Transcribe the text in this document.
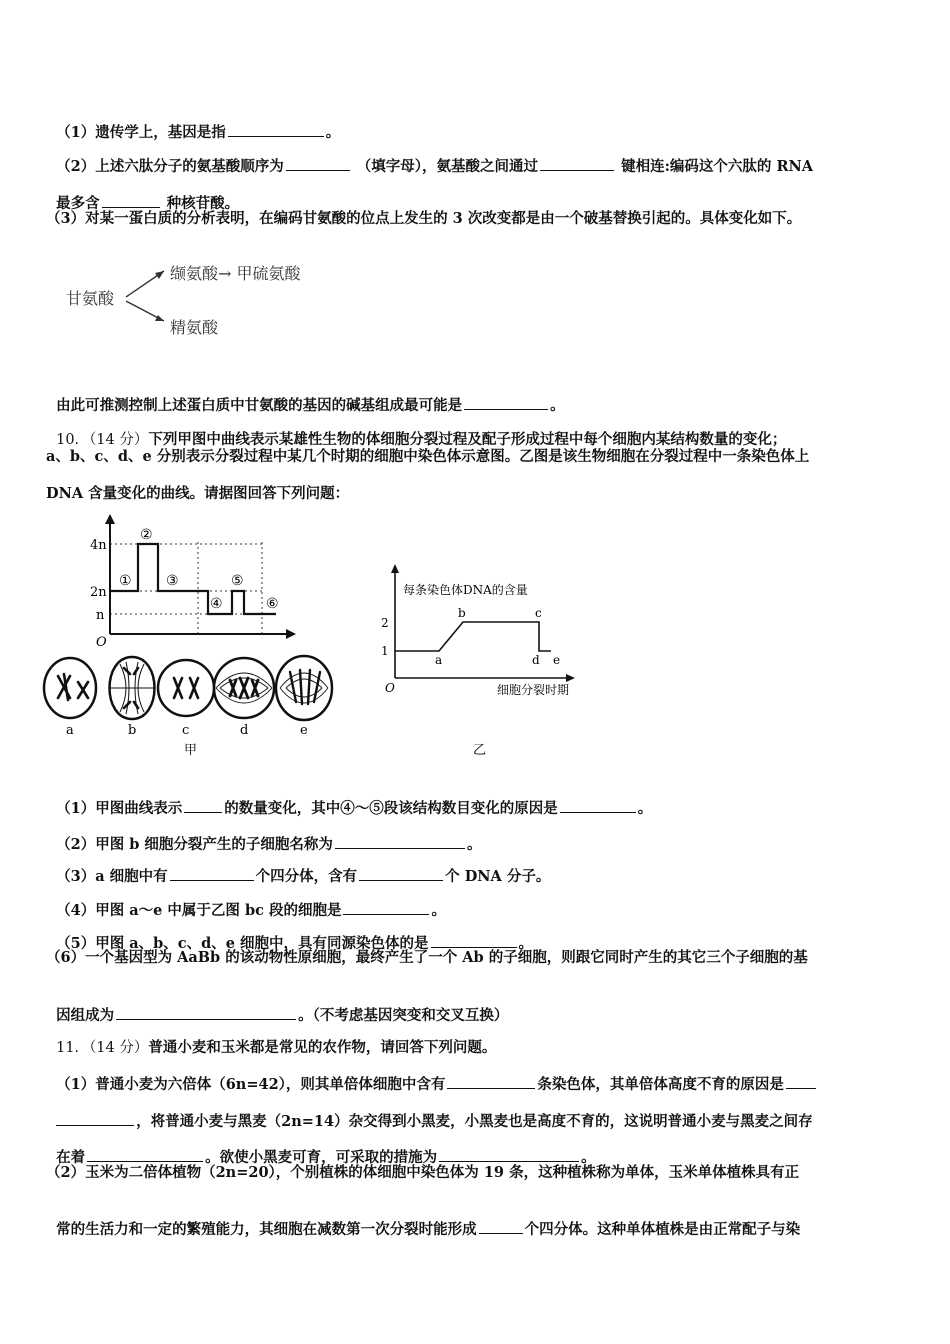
（1）遗传学上，基因是指	。

（2）上述六肽分子的氨基酸顺序为	（填字母），氨基酸之间通过	键相连:编码这个六肽的 RNA

最多含	种核苷酸。

（3）对某一蛋白质的分析表明，在编码甘氨酸的位点上发生的 3 次改变都是由一个破基替换引起的。具体变化如下。
甘氨酸
缬氨酸→ 甲硫氨酸
精氨酸

由此可推测控制上述蛋白质中甘氨酸的基因的碱基组成最可能是	。

10．（14 分）下列甲图中曲线表示某雄性生物的体细胞分裂过程及配子形成过程中每个细胞内某结构数量的变化；

a、b、c、d、e 分别表示分裂过程中某几个时期的细胞中染色体示意图。乙图是该生物细胞在分裂过程中一条染色体上
DNA 含量变化的曲线。请据图回答下列问题：
4n
2n
n
O
①
②
③
④
⑤
⑥
a	b	c	d	e
甲
每条染色体DNA的含量
细胞分裂时期
O
2
1
a
b	c
d e
乙

（1）甲图曲线表示	的数量变化，其中④～⑤段该结构数目变化的原因是	。

（2）甲图 b 细胞分裂产生的子细胞名称为	。

（3）a 细胞中有	个四分体，含有	个 DNA 分子。

（4）甲图 a～e 中属于乙图 bc 段的细胞是	。

（5）甲图 a、b、c、d、e 细胞中，具有同源染色体的是	。

（6）一个基因型为 AaBb 的该动物性原细胞，最终产生了一个 Ab 的子细胞，则跟它同时产生的其它三个子细胞的基

因组成为	。（不考虑基因突变和交叉互换）

11．（14 分）普通小麦和玉米都是常见的农作物，请回答下列问题。

（1）普通小麦为六倍体（6n=42），则其单倍体细胞中含有	条染色体，其单倍体高度不育的原因是

，将普通小麦与黑麦（2n=14）杂交得到小黑麦，小黑麦也是高度不育的，这说明普通小麦与黑麦之间存

在着	。欲使小黑麦可育，可采取的措施为	。

（2）玉米为二倍体植物（2n=20），个别植株的体细胞中染色体为 19 条，这种植株称为单体，玉米单体植株具有正

常的生活力和一定的繁殖能力，其细胞在减数第一次分裂时能形成	个四分体。这种单体植株是由正常配子与染
